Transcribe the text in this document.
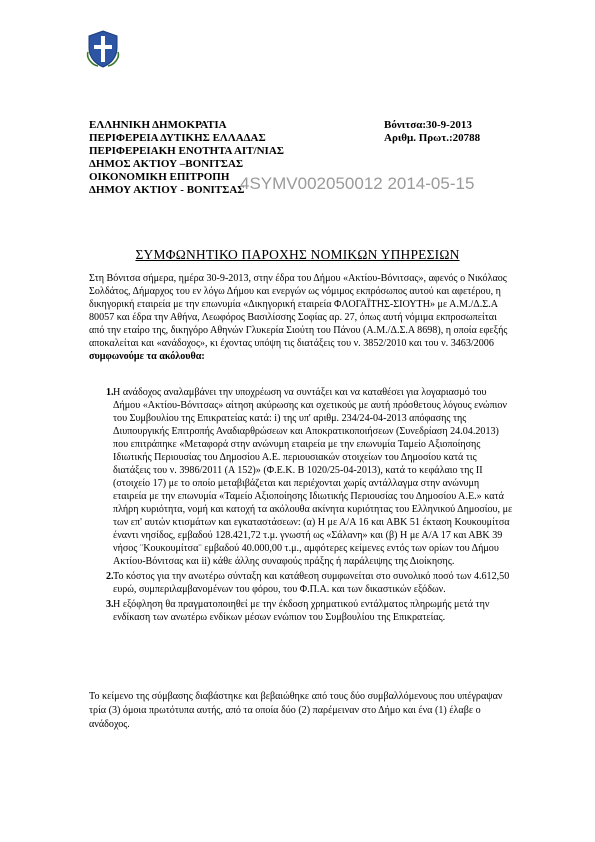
ΕΛΛΗΝΙΚΗ ΔΗΜΟΚΡΑΤΙΑ
ΠΕΡΙΦΕΡΕΙΑ ΔΥΤΙΚΗΣ ΕΛΛΑΔΑΣ
ΠΕΡΙΦΕΡΕΙΑΚΗ ΕΝΟΤΗΤΑ ΑΙΤ/ΝΙΑΣ
ΔΗΜΟΣ ΑΚΤΙΟΥ –ΒΟΝΙΤΣΑΣ
ΟΙΚΟΝΟΜΙΚΗ ΕΠΙΤΡΟΠΗ
ΔΗΜΟΥ ΑΚΤΙΟΥ - ΒΟΝΙΤΣΑΣ
Βόνιτσα:30-9-2013
Αριθμ. Πρωτ.:20788
4SYMV002050012 2014-05-15
ΣΥΜΦΩΝΗΤΙΚΟ ΠΑΡΟΧΗΣ ΝΟΜΙΚΩΝ ΥΠΗΡΕΣΙΩΝ
Στη Βόνιτσα σήμερα, ημέρα 30-9-2013, στην έδρα του Δήμου «Ακτίου-Βόνιτσας», αφενός ο Νικόλαος Σολδάτος, Δήμαρχος του εν λόγω Δήμου και ενεργών ως νόμιμος εκπρόσωπος αυτού και αφετέρου, η δικηγορική εταιρεία με την επωνυμία «Δικηγορική εταιρεία ΦΛΟΓΑΪΤΗΣ-ΣΙΟΥΤΗ» με Α.Μ./Δ.Σ.Α 80057 και έδρα την Αθήνα, Λεωφόρος Βασιλίσσης Σοφίας αρ. 27, όπως αυτή νόμιμα εκπροσωπείται από την εταίρο της, δικηγόρο Αθηνών Γλυκερία Σιούτη του Πάνου (Α.Μ./Δ.Σ.Α 8698), η οποία εφεξής αποκαλείται και «ανάδοχος», κι έχοντας υπόψη τις διατάξεις του ν. 3852/2010 και του ν. 3463/2006
συμφωνούμε τα ακόλουθα:
1. Η ανάδοχος αναλαμβάνει την υποχρέωση να συντάξει και να καταθέσει για λογαριασμό του Δήμου «Ακτίου-Βόνιτσας» αίτηση ακύρωσης και σχετικούς με αυτή πρόσθετους λόγους ενώπιον του Συμβουλίου της Επικρατείας κατά: i) της υπ' αριθμ. 234/24-04-2013 απόφασης της Διυπουργικής Επιτροπής Αναδιαρθρώσεων και Αποκρατικοποιήσεων (Συνεδρίαση 24.04.2013) που επιτράπηκε «Μεταφορά στην ανώνυμη εταιρεία με την επωνυμία Ταμείο Αξιοποίησης Ιδιωτικής Περιουσίας του Δημοσίου Α.Ε. περιουσιακών στοιχείων του Δημοσίου κατά τις διατάξεις του ν. 3986/2011 (Α 152)» (Φ.Ε.Κ. Β 1020/25-04-2013), κατά το κεφάλαιο της ΙΙ (στοιχείο 17) με το οποίο μεταβιβάζεται και περιέχονται χωρίς αντάλλαγμα στην ανώνυμη εταιρεία με την επωνυμία «Ταμείο Αξιοποίησης Ιδιωτικής Περιουσίας του Δημοσίου Α.Ε.» κατά πλήρη κυριότητα, νομή και κατοχή τα ακόλουθα ακίνητα κυριότητας του Ελληνικού Δημοσίου, με των επ' αυτών κτισμάτων και εγκαταστάσεων: (α) Η με Α/Α 16 και ΑΒΚ 51 έκταση Κουκουμίτσα έναντι νησίδος, εμβαδού 128.421,72 τ.μ. γνωστή ως «Σάλανη» και (β) Η με Α/Α 17 και ΑΒΚ 39 νήσος ¨Κουκουμίτσα¨ εμβαδού 40.000,00 τ.μ., αμφότερες κείμενες εντός των ορίων του Δήμου Ακτίου-Βόνιτσας και ii) κάθε άλλης συναφούς πράξης ή παράλειψης της Διοίκησης.
2. Το κόστος για την ανωτέρω σύνταξη και κατάθεση συμφωνείται στο συνολικό ποσό των 4.612,50 ευρώ, συμπεριλαμβανομένων του φόρου, του Φ.Π.Α. και των δικαστικών εξόδων.
3. Η εξόφληση θα πραγματοποιηθεί με την έκδοση χρηματικού εντάλματος πληρωμής μετά την ενδίκαση των ανωτέρω ενδίκων μέσων ενώπιον του Συμβουλίου της Επικρατείας.
Το κείμενο της σύμβασης διαβάστηκε και βεβαιώθηκε από τους δύο συμβαλλόμενους που υπέγραψαν τρία (3) όμοια πρωτότυπα αυτής, από τα οποία δύο (2) παρέμειναν στο Δήμο και ένα (1) έλαβε ο ανάδοχος.
